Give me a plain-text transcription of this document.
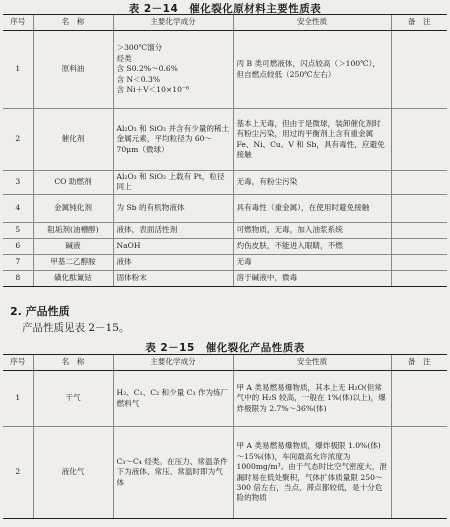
表 2－14　催化裂化原材料主要性质表
序号	名　称	主要化学成分	安全性质	备　注
1	原料油	＞300℃馏分
烃类
含 S0.2%～0.6%
含 N＜0.3%
含 Ni＋V＜10×10⁻⁶	丙 B 类可燃液体，闪点较高（＞100℃），但自燃点较低（250℃左右）	
2	催化剂	Al₂O₃ 和 SiO₂ 并含有少量的稀土金属元素，平均粒径为 60～70μm（微球）	基本上无毒，但由于是微球，装卸催化剂时有粉尘污染，用过的平衡剂上含有重金属 Fe、Ni、Cu、V 和 Sb，具有毒性，应避免接触	
3	CO 助燃剂	Al₂O₃ 和 SiO₂ 上载有 Pt，粒径同上	无毒，有粉尘污染	
4	金属钝化剂	为 Sb 的有机物液体	具有毒性（重金属），在使用时避免接触	
5	阻垢剂(油槽醇)	液体，表面活性剂	可燃物质，无毒，加入油浆系统	
6	碱液	NaOH	灼伤皮肤，不能进入眼睛，不燃	
7	甲基二乙醇胺	液体	无毒	
8	磺化酞氰钴	固体粉末	溶于碱液中，微毒	
2. 产品性质
产品性质见表 2－15。
表 2－15　催化裂化产品性质表
序号	名　称	主要化学成分	安全性质	备　注
1	干气	H₂、C₁、C₂ 和少量 C₃ 作为炼厂燃料气	甲 A 类易燃易爆物质，其本上无 H₂O(但常气中的 H₂S 较高，一般在 1%(体)以上)，爆炸极限为 2.7%～36%(体)	
2	液化气	C₃～C₄ 烃类。在压力、常温条件下为液体、常压、常温时即为气体	甲 A 类易燃易爆物质，爆炸极限 1.0%(体)～15%(体)，车间最高允许浓度为 1000mg/m³。由于气态时比空气密度大，泄漏时易在低处聚积，气体扩体质量限 250～300 倍左右，当点、滞点都较低，是十分危险的物质	
